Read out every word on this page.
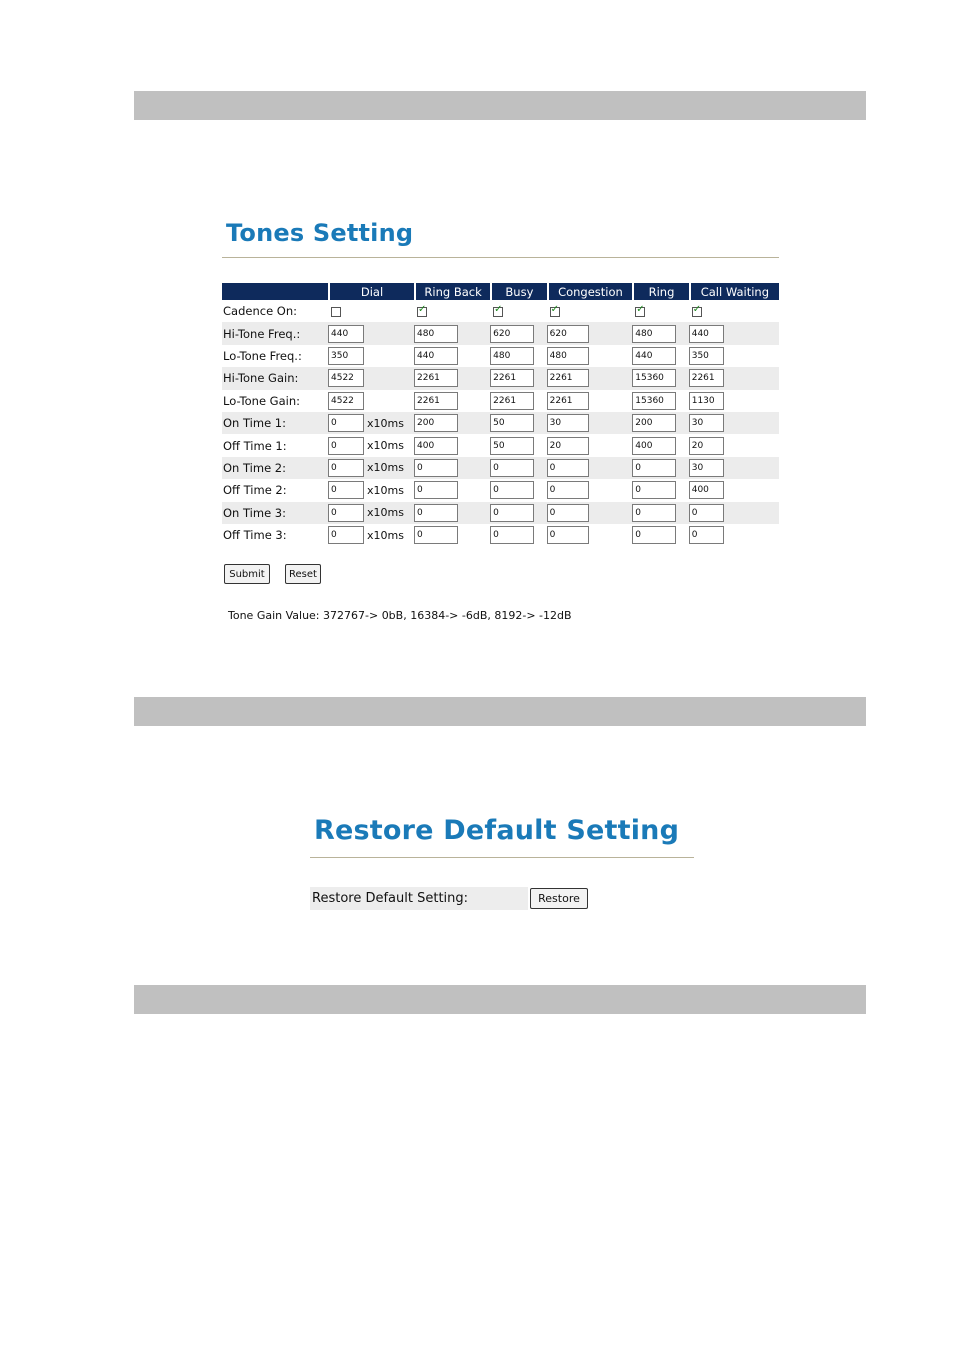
Tones Setting
	Dial	Ring Back	Busy	Congestion	Ring	Call Waiting
Cadence On:		✓	✓	✓	✓	✓
Hi-Tone Freq.:	440	480	620	620	480	440
Lo-Tone Freq.:	350	440	480	480	440	350
Hi-Tone Gain:	4522	2261	2261	2261	15360	2261
Lo-Tone Gain:	4522	2261	2261	2261	15360	1130
On Time 1:	0x10ms	200	50	30	200	30
Off Time 1:	0x10ms	400	50	20	400	20
On Time 2:	0x10ms	0	0	0	0	30
Off Time 2:	0x10ms	0	0	0	0	400
On Time 3:	0x10ms	0	0	0	0	0
Off Time 3:	0x10ms	0	0	0	0	0
Submit	Reset
Tone Gain Value: 372767-> 0bB, 16384-> -6dB, 8192-> -12dB
Restore Default Setting
Restore Default Setting:	Restore
